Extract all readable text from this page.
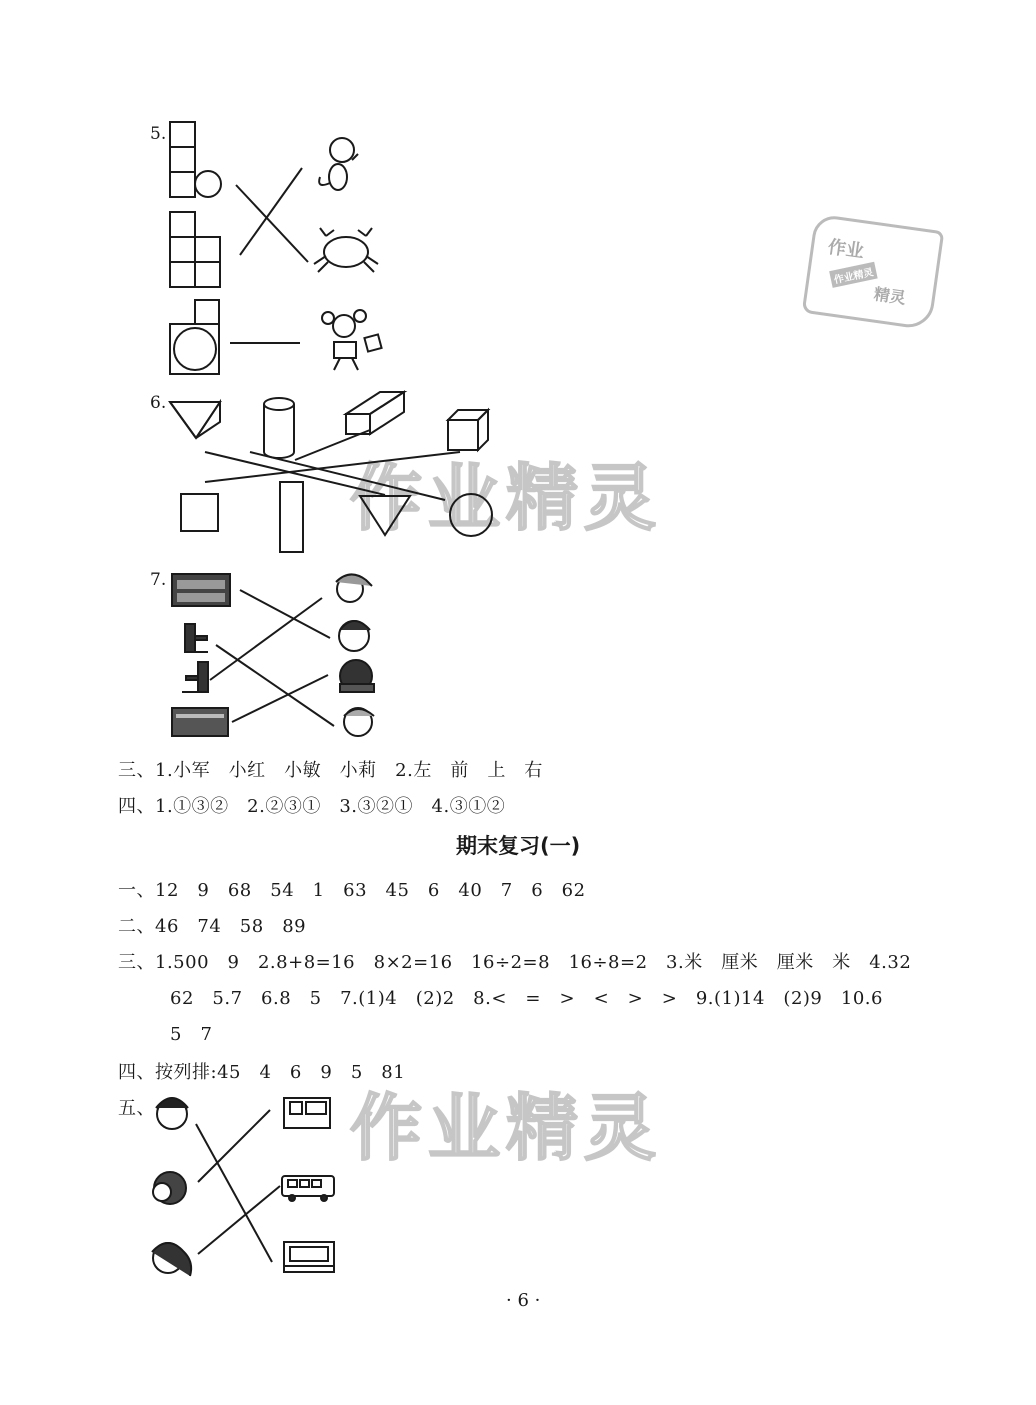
5.
6.
7.
作业精灵
作业精灵
作业
作业精灵
精灵
三、1.小军　小红　小敏　小莉　2.左　前　上　右
四、1.①③②　2.②③①　3.③②①　4.③①②
期末复习(一)
一、12　9　68　54　1　63　45　6　40　7　6　62
二、46　74　58　89
三、1.500　9　2.8+8=16　8×2=16　16÷2=8　16÷8=2　3.米　厘米　厘米　米　4.32
62　5.7　6.8　5　7.(1)4　(2)2　8.<　=　>　<　>　>　9.(1)14　(2)9　10.6
5　7
四、按列排:45　4　6　9　5　81
五、
· 6 ·
